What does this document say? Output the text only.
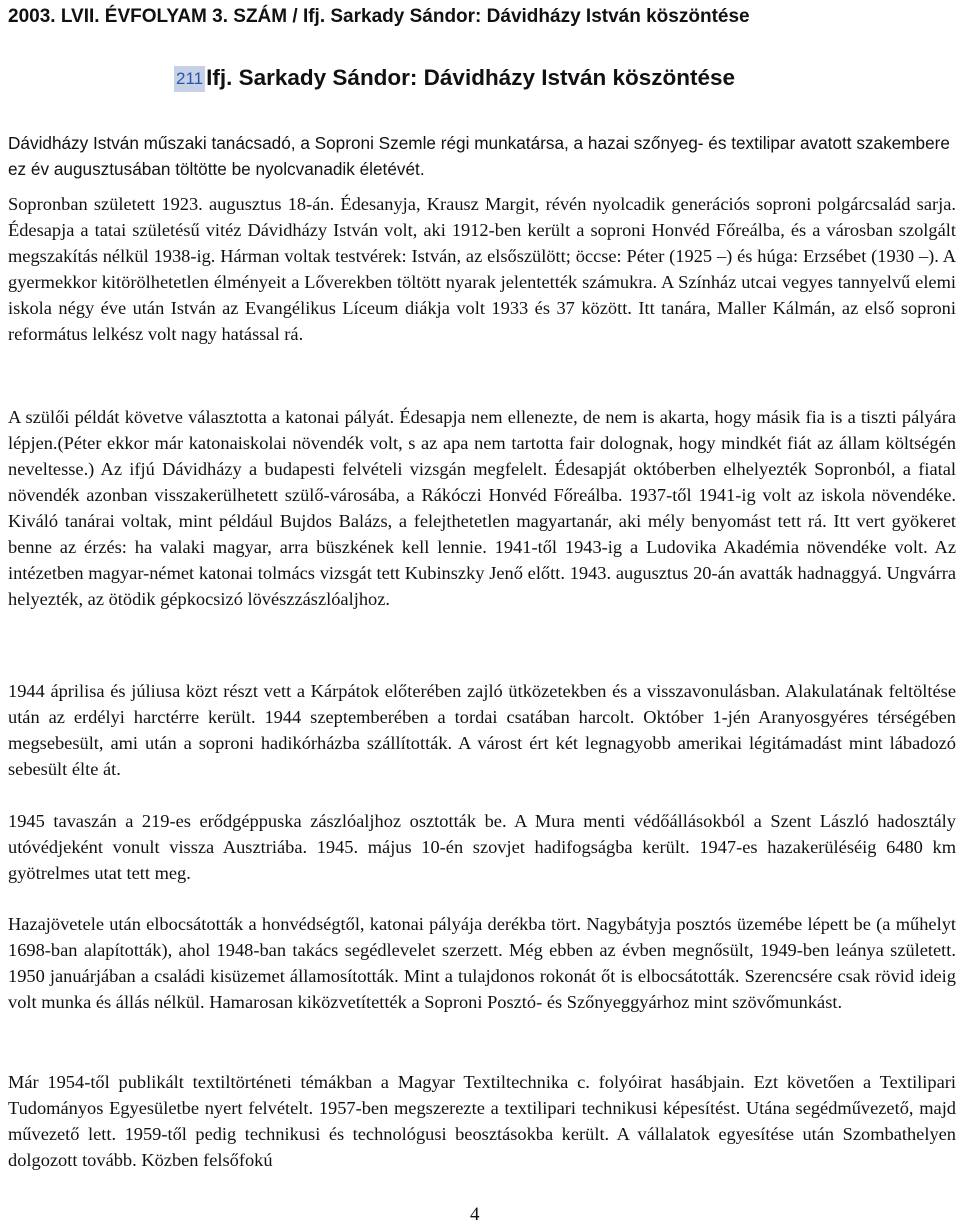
2003. LVII. ÉVFOLYAM 3. SZÁM / Ifj. Sarkady Sándor: Dávidházy István köszöntése
211 Ifj. Sarkady Sándor: Dávidházy István köszöntése

Dávidházy István műszaki tanácsadó, a Soproni Szemle régi munkatársa, a hazai szőnyeg- és textilipar avatott szakembere ez év augusztusában töltötte be nyolcvanadik életévét.

Sopronban született 1923. augusztus 18-án. Édesanyja, Krausz Margit, révén nyolcadik generációs soproni polgárcsalád sarja. Édesapja a tatai születésű vitéz Dávidházy István volt, aki 1912-ben került a soproni Honvéd Főreálba, és a városban szolgált megszakítás nélkül 1938-ig. Hárman voltak testvérek: István, az elsőszülött; öccse: Péter (1925 –) és húga: Erzsébet (1930 –). A gyermekkor kitörölhetetlen élményeit a Lőverekben töltött nyarak jelentették számukra. A Színház utcai vegyes tannyelvű elemi iskola négy éve után István az Evangélikus Líceum diákja volt 1933 és 37 között. Itt tanára, Maller Kálmán, az első soproni református lelkész volt nagy hatással rá.

A szülői példát követve választotta a katonai pályát. Édesapja nem ellenezte, de nem is akarta, hogy másik fia is a tiszti pályára lépjen.(Péter ekkor már katonaiskolai növendék volt, s az apa nem tartotta fair dolognak, hogy mindkét fiát az állam költségén neveltesse.) Az ifjú Dávidházy a budapesti felvételi vizsgán megfelelt. Édesapját októberben elhelyezték Sopronból, a fiatal növendék azonban visszakerülhetett szülő-városába, a Rákóczi Honvéd Főreálba. 1937-től 1941-ig volt az iskola növendéke. Kiváló tanárai voltak, mint például Bujdos Balázs, a felejthetetlen magyartanár, aki mély benyomást tett rá. Itt vert gyökeret benne az érzés: ha valaki magyar, arra büszkének kell lennie. 1941-től 1943-ig a Ludovika Akadémia növendéke volt. Az intézetben magyar-német katonai tolmács vizsgát tett Kubinszky Jenő előtt. 1943. augusztus 20-án avatták hadnaggyá. Ungvárra helyezték, az ötödik gépkocsizó lövészzászlóaljhoz.

1944 áprilisa és júliusa közt részt vett a Kárpátok előterében zajló ütközetekben és a visszavonulásban. Alakulatának feltöltése után az erdélyi harctérre került. 1944 szeptemberében a tordai csatában harcolt. Október 1-jén Aranyosgyéres térségében megsebesült, ami után a soproni hadikórházba szállították. A várost ért két legnagyobb amerikai légitámadást mint lábadozó sebesült élte át.

1945 tavaszán a 219-es erődgéppuska zászlóaljhoz osztották be. A Mura menti védőállásokból a Szent László hadosztály utóvédjeként vonult vissza Ausztriába. 1945. május 10-én szovjet hadifogságba került. 1947-es hazakerüléséig 6480 km gyötrelmes utat tett meg.

Hazajövetele után elbocsátották a honvédségtől, katonai pályája derékba tört. Nagybátyja posztós üzemébe lépett be (a műhelyt 1698-ban alapították), ahol 1948-ban takács segédlevelet szerzett. Még ebben az évben megnősült, 1949-ben leánya született. 1950 januárjában a családi kisüzemet államosították. Mint a tulajdonos rokonát őt is elbocsátották. Szerencsére csak rövid ideig volt munka és állás nélkül. Hamarosan kiközvetítették a Soproni Posztó- és Szőnyeggyárhoz mint szövőmunkást.

Már 1954-től publikált textiltörténeti témákban a Magyar Textiltechnika c. folyóirat hasábjain. Ezt követően a Textilipari Tudományos Egyesületbe nyert felvételt. 1957-ben megszerezte a textilipari technikusi képesítést. Utána segédművezető, majd művezető lett. 1959-től pedig technikusi és technológusi beosztásokba került. A vállalatok egyesítése után Szombathelyen dolgozott tovább. Közben felsőfokú

4
